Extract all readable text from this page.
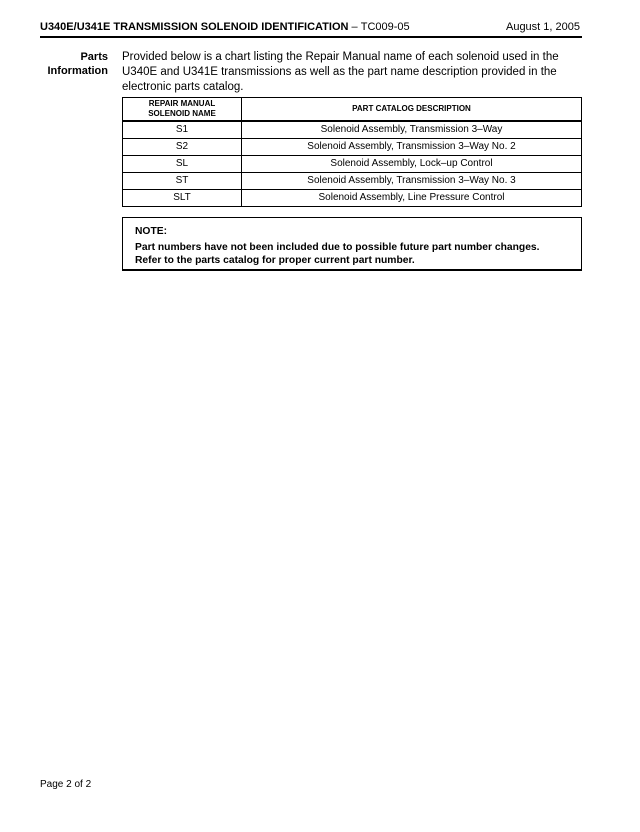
U340E/U341E TRANSMISSION SOLENOID IDENTIFICATION – TC009-05	August 1, 2005
Parts
Information
Provided below is a chart listing the Repair Manual name of each solenoid used in the U340E and U341E transmissions as well as the part name description provided in the electronic parts catalog.
REPAIR MANUAL
SOLENOID NAME	PART CATALOG DESCRIPTION
S1	Solenoid Assembly, Transmission 3–Way
S2	Solenoid Assembly, Transmission 3–Way No. 2
SL	Solenoid Assembly, Lock–up Control
ST	Solenoid Assembly, Transmission 3–Way No. 3
SLT	Solenoid Assembly, Line Pressure Control
NOTE:
Part numbers have not been included due to possible future part number changes.
Refer to the parts catalog for proper current part number.
Page 2 of 2
